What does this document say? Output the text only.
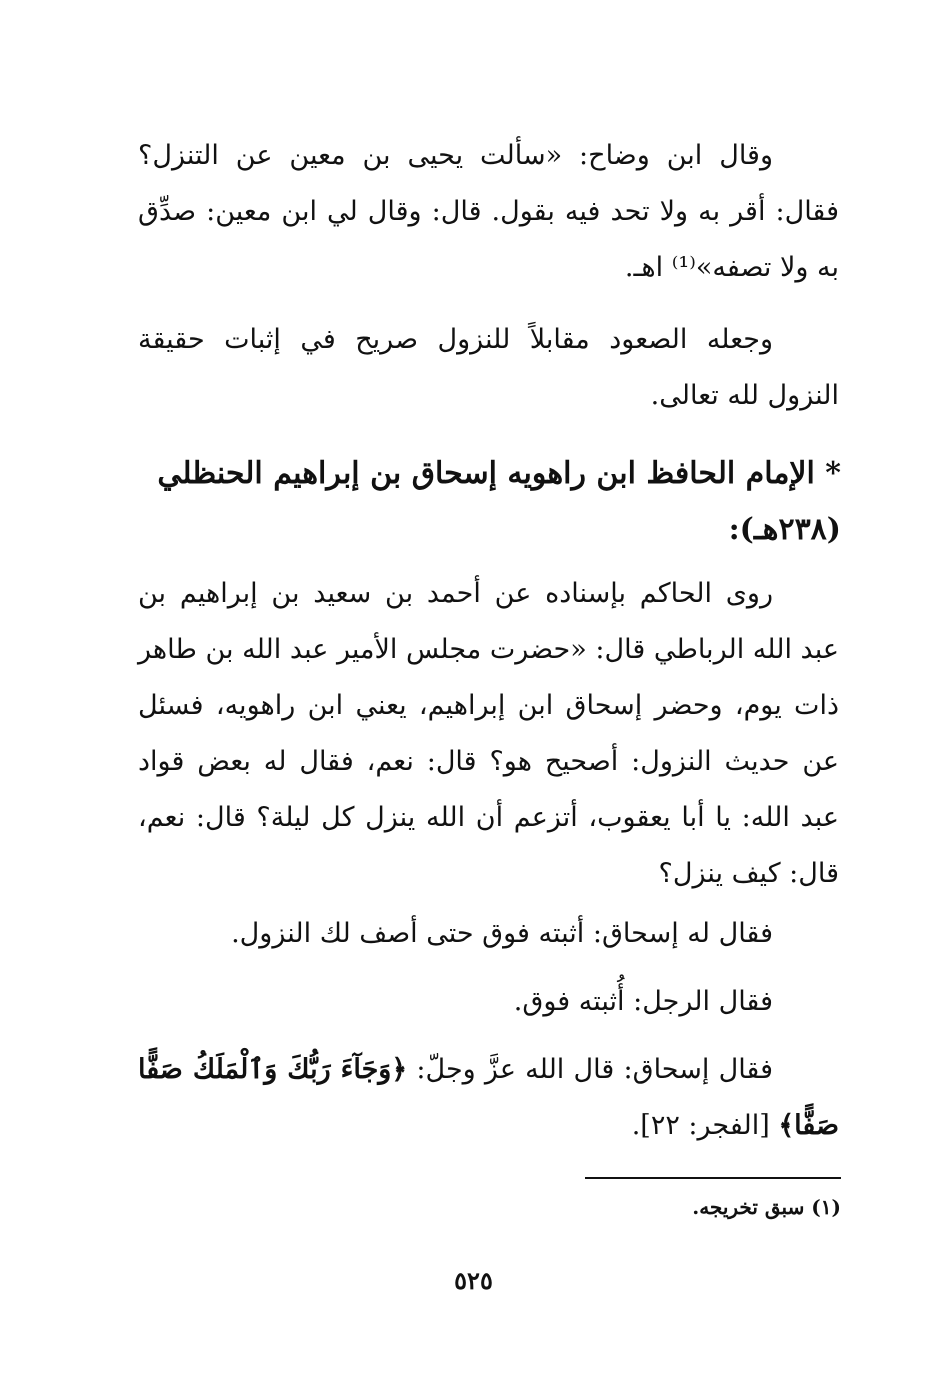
وقال ابن وضاح: «سألت يحيى بن معين عن التنزل؟ فقال: أقر به ولا تحد فيه بقول. قال: وقال لي ابن معين: صدِّق به ولا تصفه»⁽¹⁾ اهـ.

وجعله الصعود مقابلاً للنزول صريح في إثبات حقيقة النزول لله تعالى.

* الإمام الحافظ ابن راهويه إسحاق بن إبراهيم الحنظلي (٢٣٨هـ):

روى الحاكم بإسناده عن أحمد بن سعيد بن إبراهيم بن عبد الله الرباطي قال: «حضرت مجلس الأمير عبد الله بن طاهر ذات يوم، وحضر إسحاق ابن إبراهيم، يعني ابن راهويه، فسئل عن حديث النزول: أصحيح هو؟ قال: نعم، فقال له بعض قواد عبد الله: يا أبا يعقوب، أتزعم أن الله ينزل كل ليلة؟ قال: نعم، قال: كيف ينزل؟

فقال له إسحاق: أثبته فوق حتى أصف لك النزول.

فقال الرجل: أُثبته فوق.

فقال إسحاق: قال الله عزَّ وجلّ: ﴿وَجَآءَ رَبُّكَ وَٱلْمَلَكُ صَفًّا صَفًّا﴾ [الفجر: ٢٢].

(١) سبق تخريجه.
٥٢٥
